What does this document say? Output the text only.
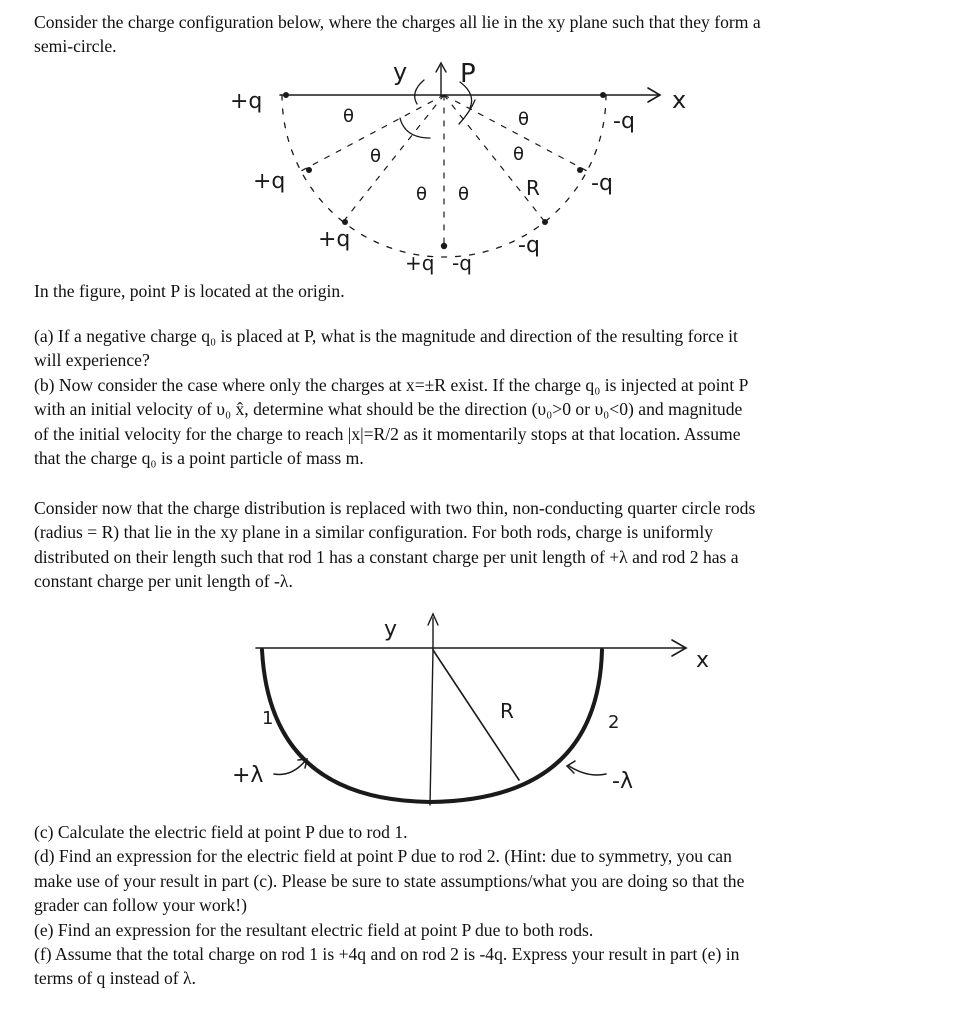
Consider the charge configuration below, where the charges all lie in the xy plane such that they form a

semi-circle.

y P
x
+q
+q
+q
+q -q
-q
-q
-q
θ
θ
θ θ
θ
θ
R

In the figure, point P is located at the origin.

(a) If a negative charge q₀ is placed at P, what is the magnitude and direction of the resulting force it

will experience?

(b) Now consider the case where only the charges at x=±R exist. If the charge q₀ is injected at point P

with an initial velocity of υ₀ x̂, determine what should be the direction (υ₀>0 or υ₀<0) and magnitude

of the initial velocity for the charge to reach |x|=R/2 as it momentarily stops at that location. Assume

that the charge q₀ is a point particle of mass m.

Consider now that the charge distribution is replaced with two thin, non-conducting quarter circle rods

(radius = R) that lie in the xy plane in a similar configuration. For both rods, charge is uniformly

distributed on their length such that rod 1 has a constant charge per unit length of +λ and rod 2 has a

constant charge per unit length of -λ.

y
x
R
1	2
+λ	-λ

(c) Calculate the electric field at point P due to rod 1.

(d) Find an expression for the electric field at point P due to rod 2. (Hint: due to symmetry, you can

make use of your result in part (c). Please be sure to state assumptions/what you are doing so that the

grader can follow your work!)

(e) Find an expression for the resultant electric field at point P due to both rods.

(f) Assume that the total charge on rod 1 is +4q and on rod 2 is -4q. Express your result in part (e) in

terms of q instead of λ.
